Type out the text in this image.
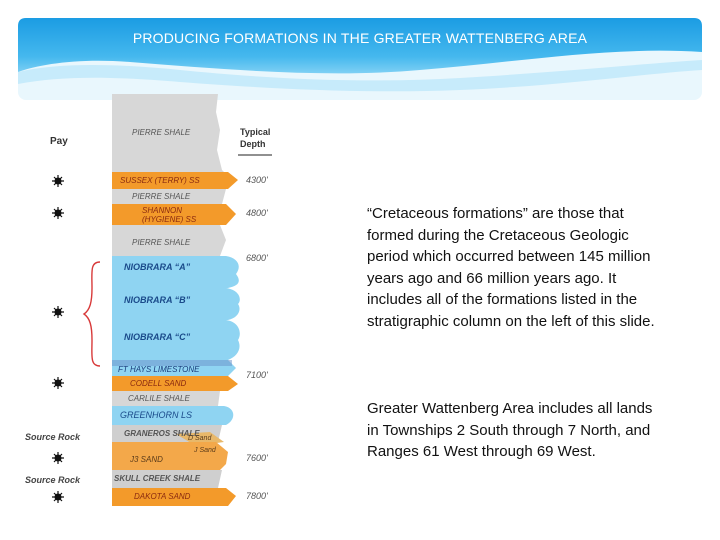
PRODUCING FORMATIONS IN THE GREATER WATTENBERG AREA
Pay
Typical
Depth
PIERRE SHALE
SUSSEX (TERRY) SS
PIERRE SHALE
SHANNON
(HYGIENE) SS
PIERRE SHALE
NIOBRARA “A”
NIOBRARA “B”
NIOBRARA “C”
FT HAYS LIMESTONE
CODELL SAND
CARLILE SHALE
GREENHORN LS
GRANEROS SHALE
D Sand
J Sand
J3 SAND
SKULL CREEK SHALE
DAKOTA SAND
4300'
4800'
6800'
7100'
7600'
7800'
Source Rock
Source Rock
“Cretaceous formations” are those that formed during the Cretaceous Geologic period which occurred between 145 million years ago and 66 million years ago. It includes all of the formations listed in the stratigraphic column on the left of this slide.
Greater Wattenberg Area includes all lands in Townships 2 South through 7 North, and Ranges 61 West through 69 West.
